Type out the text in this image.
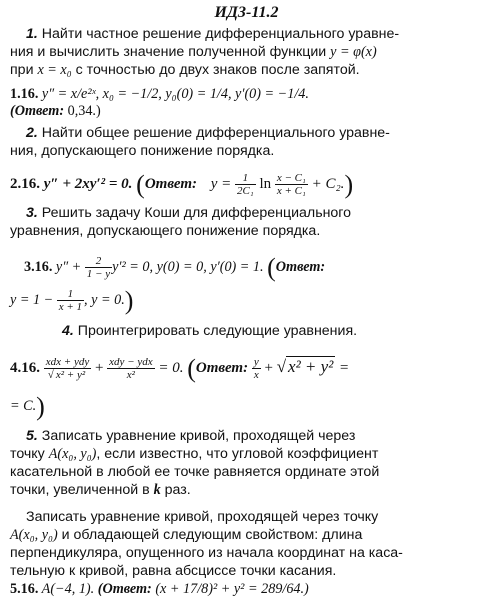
ИДЗ-11.2
1. Найти частное решение дифференциального уравне-
ния и вычислить значение полученной функции y = φ(x)
при x = x₀ с точностью до двух знаков после запятой.
1.16. y″ = x/e²ˣ, x₀ = −1/2, y₀(0) = 1/4, y′(0) = −1/4.
(Ответ: 0,34.)
2. Найти общее решение дифференциального уравне-
ния, допускающего понижение порядка.
2.16. y″ + 2xy′² = 0. (Ответ: $y = \frac{1}{\text{2C₁}}$ $\ln \frac{\text{x − C₁}}{\text{x + C₁}} + C_2$.)
3. Решить задачу Коши для дифференциального
уравнения, допускающего понижение порядка.
3.16. $y'' + \frac{2}{1 - y} y'^2 = 0$, y(0) = 0, y′(0) = 1. (Ответ:
$y = 1 - \frac{1}{x + 1}$ , y = 0.)
4. Проинтегрировать следующие уравнения.
4.16. $\frac{\text{xdx + ydy}}{\text{√ x² + y²}} + \frac{\text{xdy − ydx}}{\text{x²}} = 0$. (Ответ: $\frac{y}{x}$ + √ x² + y² =
= C.)
5. Записать уравнение кривой, проходящей через
точку A(x₀, y₀), если известно, что угловой коэффициент
касательной в любой ее точке равняется ординате этой
точки, увеличенной в k раз.
Записать уравнение кривой, проходящей через точку
A(x₀, y₀) и обладающей следующим свойством: длина
перпендикуляра, опущенного из начала координат на каса-
тельную к кривой, равна абсциссе точки касания.
5.16. A(−4, 1). (Ответ: (x + 17/8)² + y² = 289/64.)
